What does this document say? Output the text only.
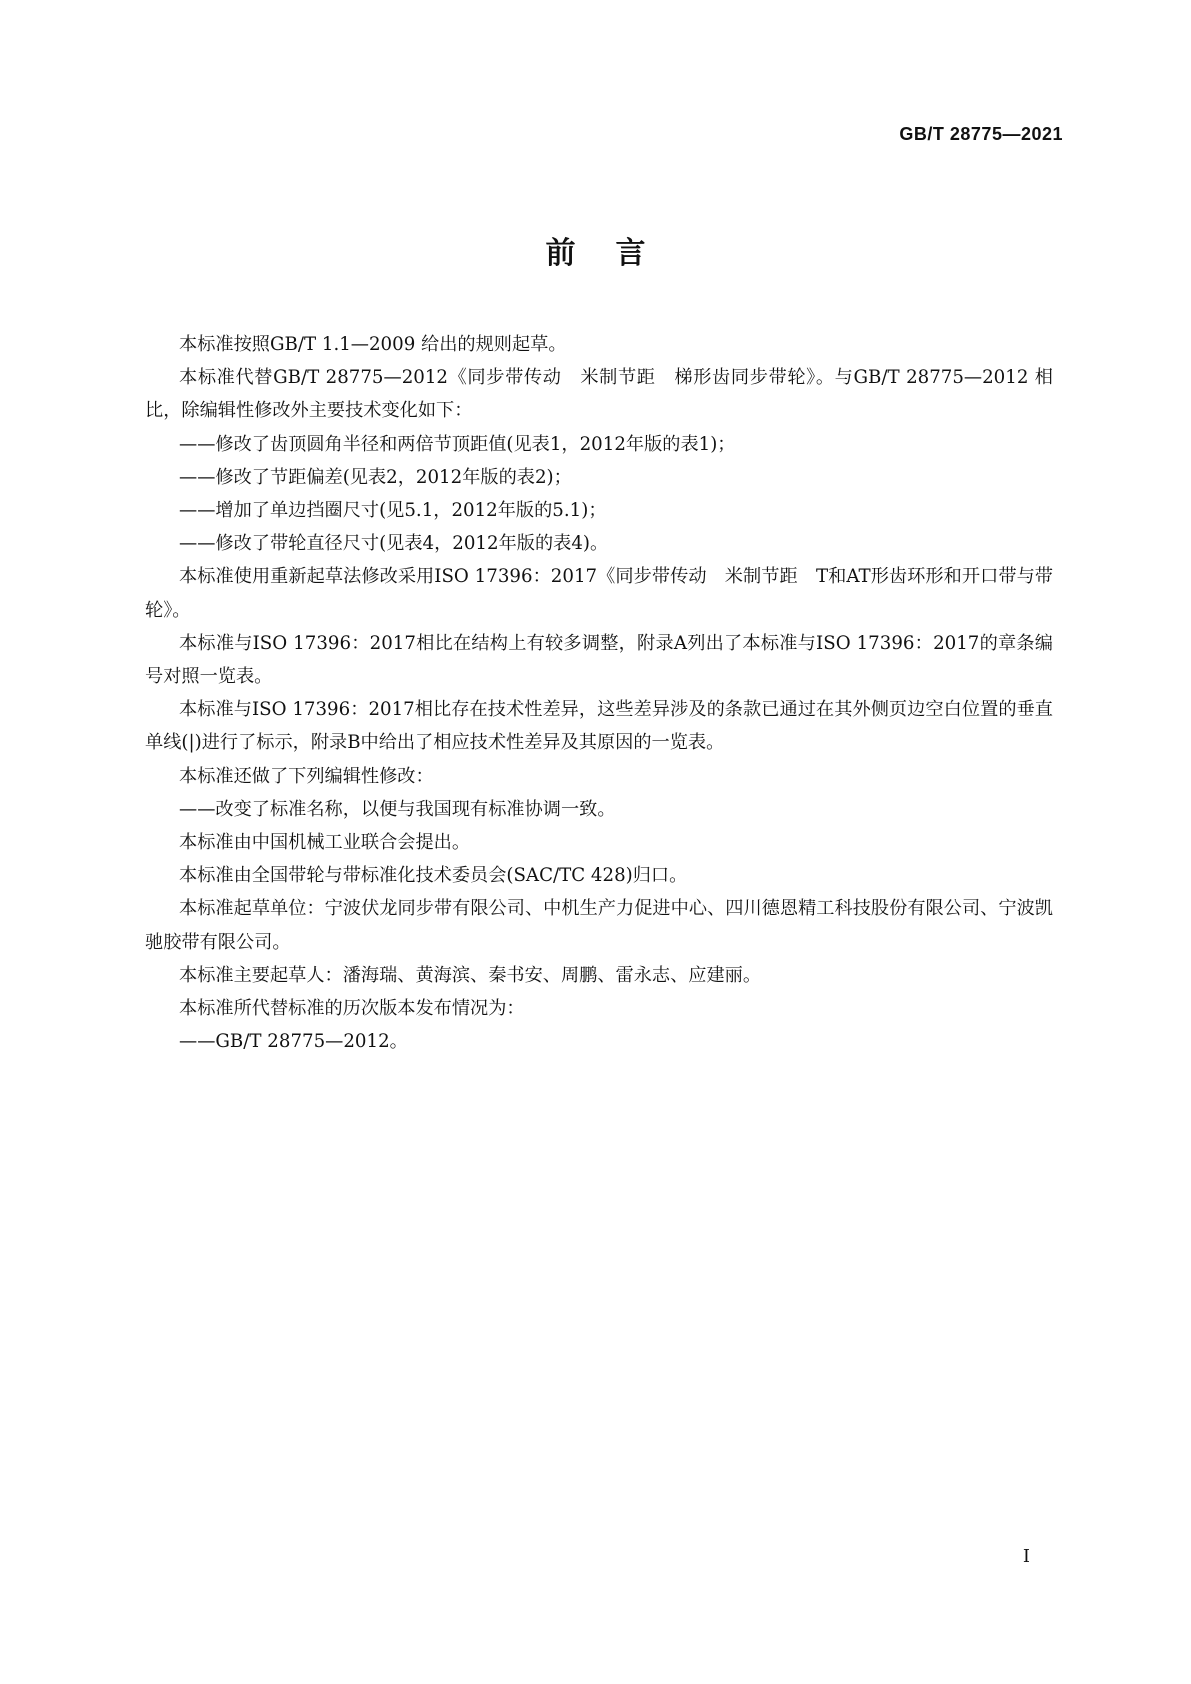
GB/T 28775—2021
前言

本标准按照GB/T 1.1—2009 给出的规则起草。

本标准代替GB/T 28775—2012《同步带传动　米制节距　梯形齿同步带轮》。与GB/T 28775—2012 相比，除编辑性修改外主要技术变化如下：

——修改了齿顶圆角半径和两倍节顶距值(见表1，2012年版的表1)；

——修改了节距偏差(见表2，2012年版的表2)；

——增加了单边挡圈尺寸(见5.1，2012年版的5.1)；

——修改了带轮直径尺寸(见表4，2012年版的表4)。

本标准使用重新起草法修改采用ISO 17396：2017《同步带传动　米制节距　T和AT形齿环形和开口带与带轮》。

本标准与ISO 17396：2017相比在结构上有较多调整，附录A列出了本标准与ISO 17396：2017的章条编号对照一览表。

本标准与ISO 17396：2017相比存在技术性差异，这些差异涉及的条款已通过在其外侧页边空白位置的垂直单线(|)进行了标示，附录B中给出了相应技术性差异及其原因的一览表。

本标准还做了下列编辑性修改：

——改变了标准名称，以便与我国现有标准协调一致。

本标准由中国机械工业联合会提出。

本标准由全国带轮与带标准化技术委员会(SAC/TC 428)归口。

本标准起草单位：宁波伏龙同步带有限公司、中机生产力促进中心、四川德恩精工科技股份有限公司、宁波凯驰胶带有限公司。

本标准主要起草人：潘海瑞、黄海滨、秦书安、周鹏、雷永志、应建丽。

本标准所代替标准的历次版本发布情况为：

——GB/T 28775—2012。

I
